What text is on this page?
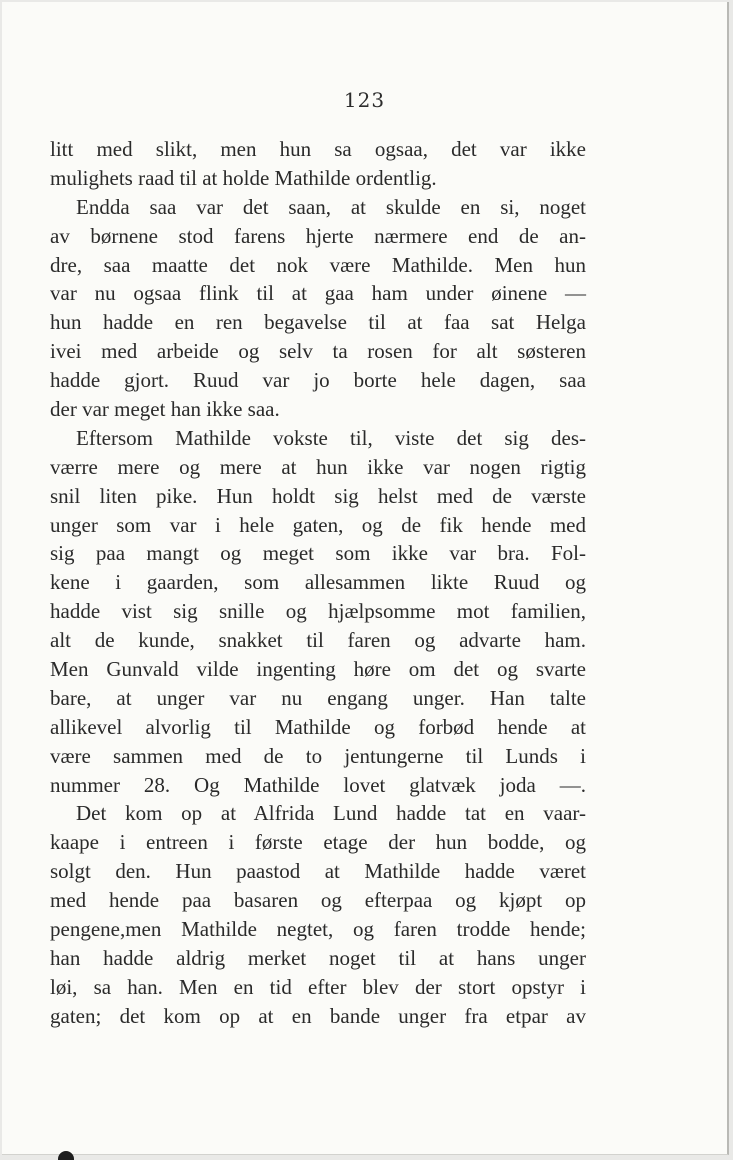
123
litt med slikt, men hun sa ogsaa, det var ikke
mulighets raad til at holde Mathilde ordentlig.
Endda saa var det saan, at skulde en si, noget
av børnene stod farens hjerte nærmere end de an-
dre, saa maatte det nok være Mathilde. Men hun
var nu ogsaa flink til at gaa ham under øinene —
hun hadde en ren begavelse til at faa sat Helga
ivei med arbeide og selv ta rosen for alt søsteren
hadde gjort. Ruud var jo borte hele dagen, saa
der var meget han ikke saa.
Eftersom Mathilde vokste til, viste det sig des-
værre mere og mere at hun ikke var nogen rigtig
snil liten pike. Hun holdt sig helst med de værste
unger som var i hele gaten, og de fik hende med
sig paa mangt og meget som ikke var bra. Fol-
kene i gaarden, som allesammen likte Ruud og
hadde vist sig snille og hjælpsomme mot familien,
alt de kunde, snakket til faren og advarte ham.
Men Gunvald vilde ingenting høre om det og svarte
bare, at unger var nu engang unger. Han talte
allikevel alvorlig til Mathilde og forbød hende at
være sammen med de to jentungerne til Lunds i
nummer 28. Og Mathilde lovet glatvæk joda —.
Det kom op at Alfrida Lund hadde tat en vaar-
kaape i entreen i første etage der hun bodde, og
solgt den. Hun paastod at Mathilde hadde været
med hende paa basaren og efterpaa og kjøpt op
pengene,men Mathilde negtet, og faren trodde hende;
han hadde aldrig merket noget til at hans unger
løi, sa han. Men en tid efter blev der stort opstyr i
gaten; det kom op at en bande unger fra etpar av
